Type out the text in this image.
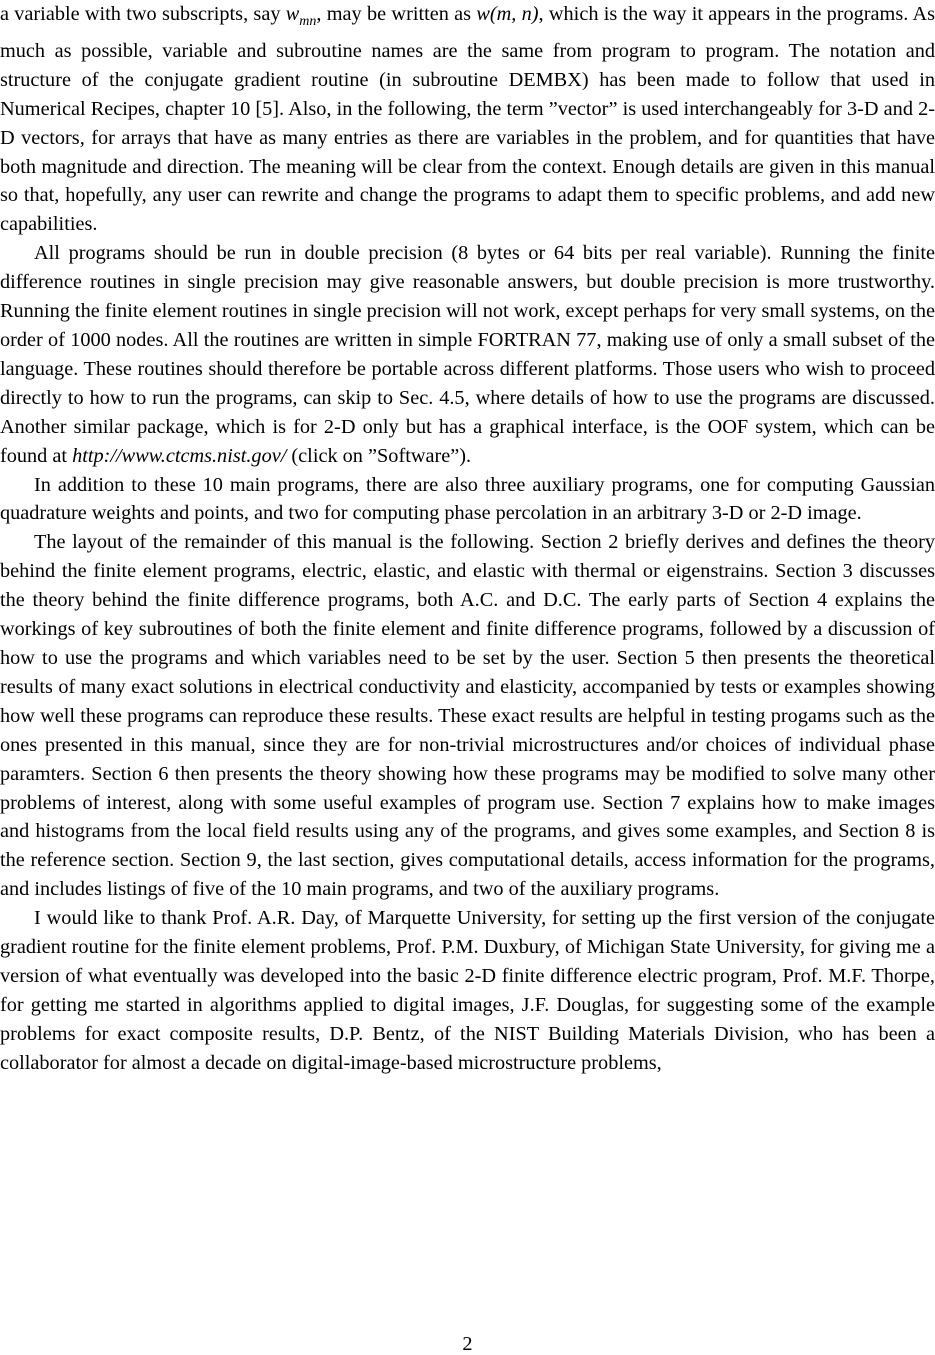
a variable with two subscripts, say $w_{mn}$, may be written as w(m, n), which is the way it appears in the programs. As much as possible, variable and subroutine names are the same from program to program. The notation and structure of the conjugate gradient routine (in subroutine DEMBX) has been made to follow that used in Numerical Recipes, chapter 10 [5]. Also, in the following, the term ”vector” is used interchangeably for 3-D and 2-D vectors, for arrays that have as many entries as there are variables in the problem, and for quantities that have both magnitude and direction. The meaning will be clear from the context. Enough details are given in this manual so that, hopefully, any user can rewrite and change the programs to adapt them to specific problems, and add new capabilities.

All programs should be run in double precision (8 bytes or 64 bits per real variable). Running the finite difference routines in single precision may give reasonable answers, but double precision is more trustworthy. Running the finite element routines in single precision will not work, except perhaps for very small systems, on the order of 1000 nodes. All the routines are written in simple FORTRAN 77, making use of only a small subset of the language. These routines should therefore be portable across different platforms. Those users who wish to proceed directly to how to run the programs, can skip to Sec. 4.5, where details of how to use the programs are discussed. Another similar package, which is for 2-D only but has a graphical interface, is the OOF system, which can be found at http://www.ctcms.nist.gov/ (click on ”Software”).

In addition to these 10 main programs, there are also three auxiliary programs, one for computing Gaussian quadrature weights and points, and two for computing phase percolation in an arbitrary 3-D or 2-D image.

The layout of the remainder of this manual is the following. Section 2 briefly derives and defines the theory behind the finite element programs, electric, elastic, and elastic with thermal or eigenstrains. Section 3 discusses the theory behind the finite difference programs, both A.C. and D.C. The early parts of Section 4 explains the workings of key subroutines of both the finite element and finite difference programs, followed by a discussion of how to use the programs and which variables need to be set by the user. Section 5 then presents the theoretical results of many exact solutions in electrical conductivity and elasticity, accompanied by tests or examples showing how well these programs can reproduce these results. These exact results are helpful in testing progams such as the ones presented in this manual, since they are for non-trivial microstructures and/or choices of individual phase paramters. Section 6 then presents the theory showing how these programs may be modified to solve many other problems of interest, along with some useful examples of program use. Section 7 explains how to make images and histograms from the local field results using any of the programs, and gives some examples, and Section 8 is the reference section. Section 9, the last section, gives computational details, access information for the programs, and includes listings of five of the 10 main programs, and two of the auxiliary programs.

I would like to thank Prof. A.R. Day, of Marquette University, for setting up the first version of the conjugate gradient routine for the finite element problems, Prof. P.M. Duxbury, of Michigan State University, for giving me a version of what eventually was developed into the basic 2-D finite difference electric program, Prof. M.F. Thorpe, for getting me started in algorithms applied to digital images, J.F. Douglas, for suggesting some of the example problems for exact composite results, D.P. Bentz, of the NIST Building Materials Division, who has been a collaborator for almost a decade on digital-image-based microstructure problems,

2
